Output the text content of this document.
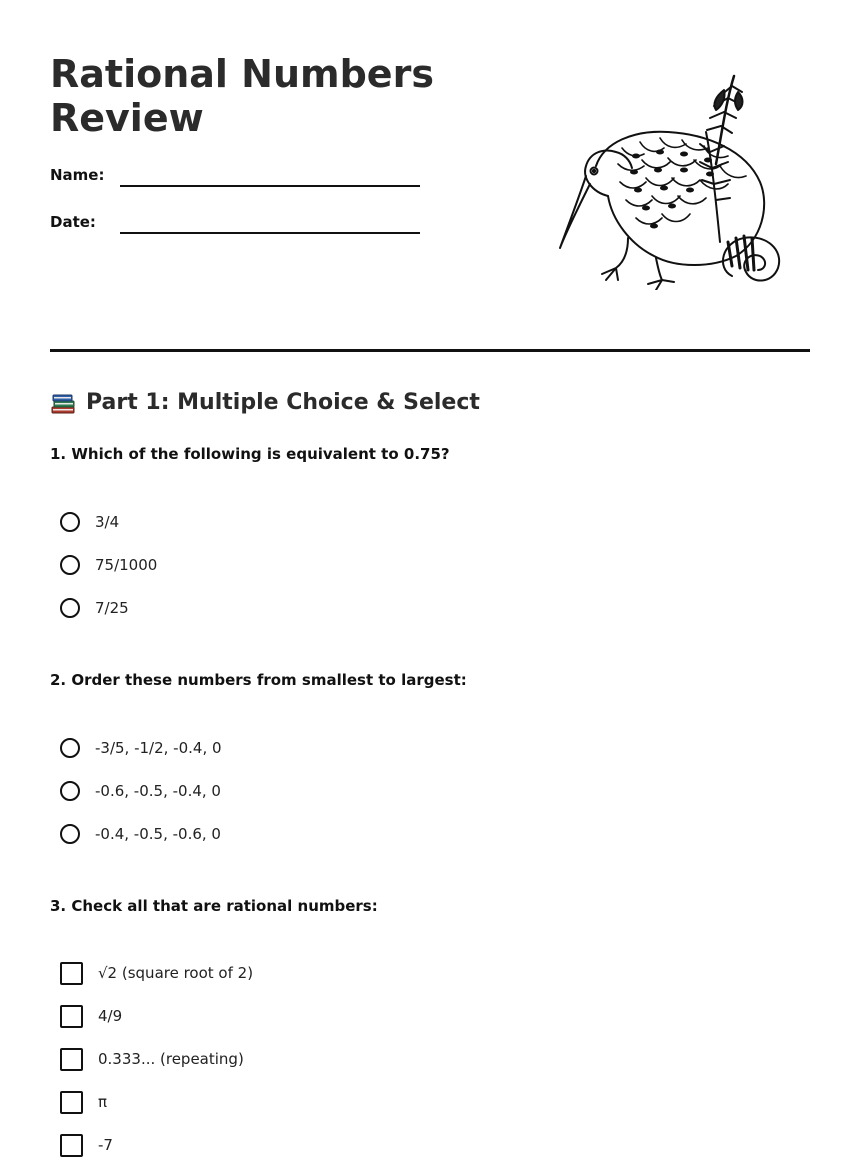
Rational Numbers Review
Name:
Date:
Part 1: Multiple Choice & Select

1. Which of the following is equivalent to 0.75?

3/4
75/1000
7/25

2. Order these numbers from smallest to largest:

-3/5, -1/2, -0.4, 0
-0.6, -0.5, -0.4, 0
-0.4, -0.5, -0.6, 0

3. Check all that are rational numbers:

√2 (square root of 2)
4/9
0.333... (repeating)
π
-7
